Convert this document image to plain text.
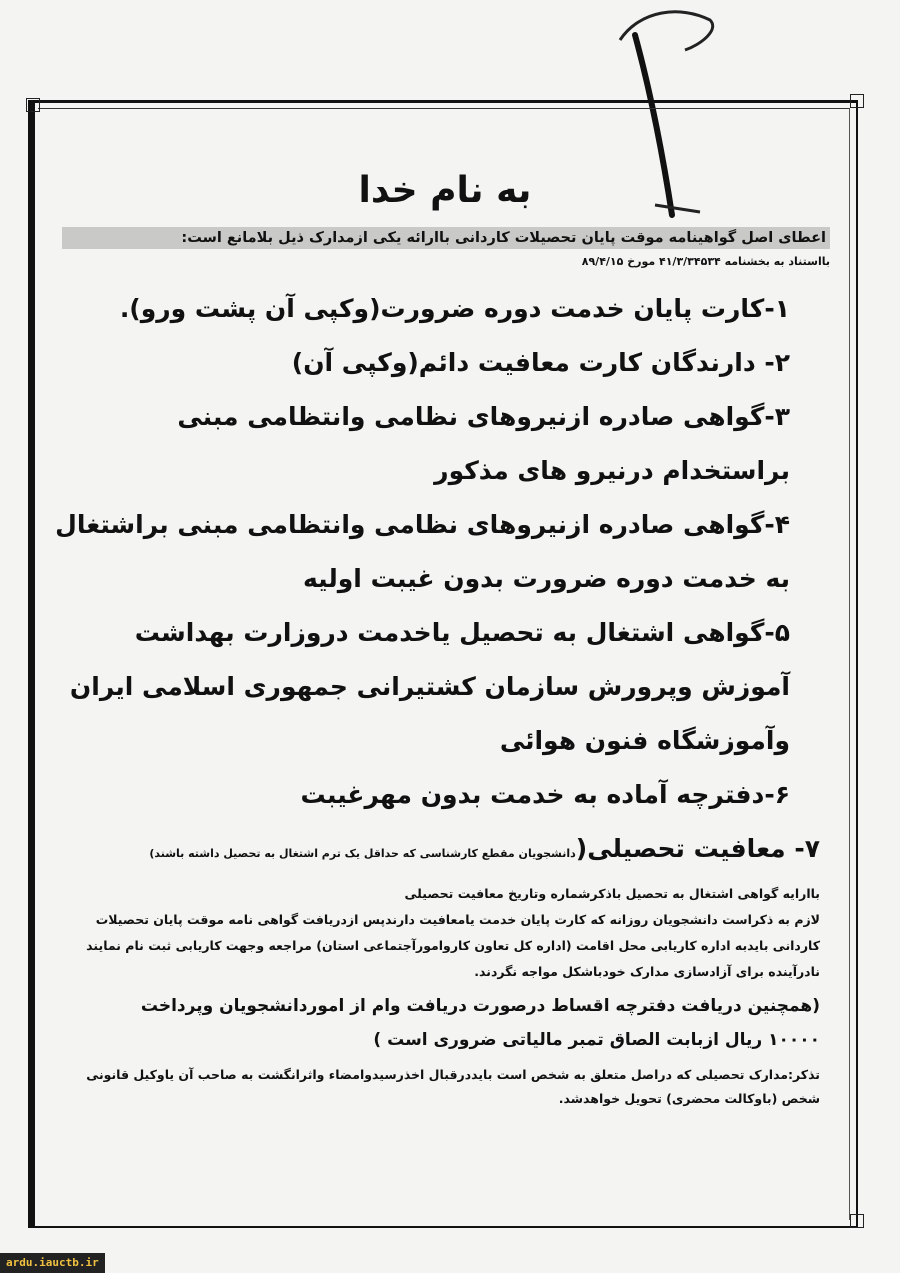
به نام خدا
اعطای اصل گواهینامه موقت پایان تحصیلات کاردانی باارائه یکی ازمدارک ذیل بلامانع است:
بااستناد به بخشنامه ۴۱/۳/۳۴۵۳۴ مورخ ۸۹/۴/۱۵

۱-کارت پایان خدمت دوره ضرورت(وکپی آن پشت ورو).

۲- دارندگان کارت معافیت دائم(وکپی آن)

۳-گواهی صادره ازنیروهای نظامی وانتظامی مبنی

براستخدام درنیرو های مذکور

۴-گواهی صادره ازنیروهای نظامی وانتظامی مبنی براشتغال

به خدمت دوره ضرورت بدون غیبت اولیه

۵-گواهی اشتغال به تحصیل یاخدمت دروزارت بهداشت

آموزش وپرورش سازمان کشتیرانی جمهوری اسلامی ایران

وآموزشگاه فنون هوائی

۶-دفترچه آماده به خدمت بدون مهرغیبت

۷- معافیت تحصیلی(دانشجویان مقطع کارشناسی که حداقل یک ترم اشتغال به تحصیل داشته باشند)

باارایه گواهی اشتغال به تحصیل باذکرشماره وتاریخ معافیت تحصیلی
لازم به ذکراست دانشجویان روزانه که کارت پایان خدمت یامعافیت دارندپس ازدریافت گواهی نامه موقت پایان تحصیلات
کاردانی بایدبه اداره کاریابی محل اقامت (اداره کل تعاون کاروامورآجتماعی استان) مراجعه وجهت کاریابی ثبت نام نمایند
نادرآینده برای آزادسازی مدارک خودباشکل مواجه نگردند.
(همچنین دریافت دفترچه اقساط درصورت دریافت وام از اموردانشجویان وپرداخت
۱۰۰۰۰ ریال ازبابت الصاق تمبر مالیاتی ضروری است )
تذکر:مدارک تحصیلی که دراصل متعلق به شخص است بایددرقبال اخذرسیدوامضاء واثرانگشت به صاحب آن یاوکیل قانونی
شخص (باوکالت محضری) تحویل خواهدشد.
ardu.iauctb.ir
